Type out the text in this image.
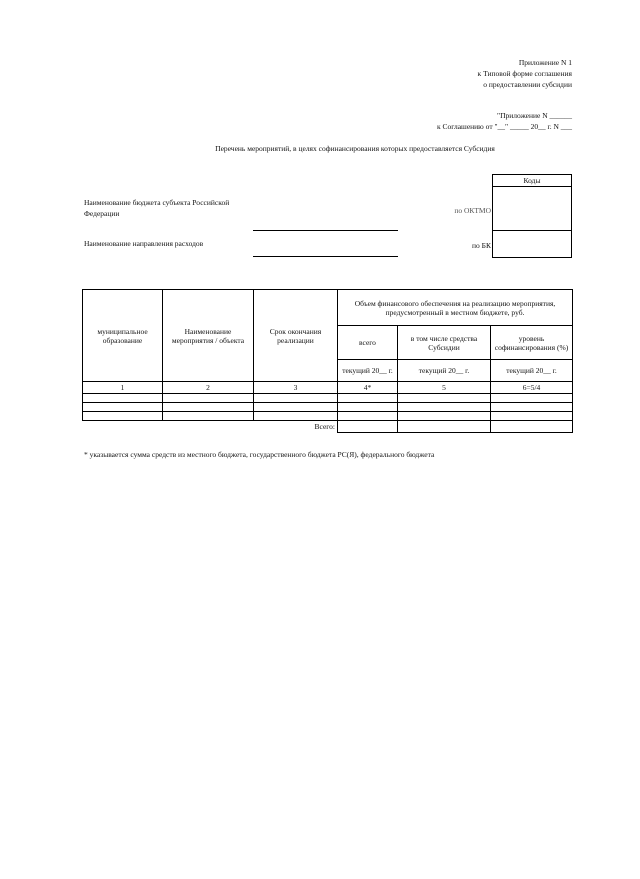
Приложение N 1
к Типовой форме соглашения
о предоставлении субсидии
"Приложение N ______
к Соглашению от "__" _____ 20__ г. N ___
Перечень мероприятий, в целях софинансирования которых предоставляется Субсидия
Коды
по ОКТМО
по БК
Наименование бюджета субъекта Российской Федерации
Наименование направления расходов
муниципальное образование	Наименование мероприятия / объекта	Срок окончания реализации	Объем финансового обеспечения на реализацию мероприятия, предусмотренный в местном бюджете, руб.		
			всего	в том числе средства Субсидии	уровень софинансирования (%)
			текущий 20__ г.	текущий 20__ г.	текущий 20__ г.
1	2	3	4*	5	6=5/4

Всего:					
* указывается сумма средств из местного бюджета, государственного бюджета РС(Я), федерального бюджета
